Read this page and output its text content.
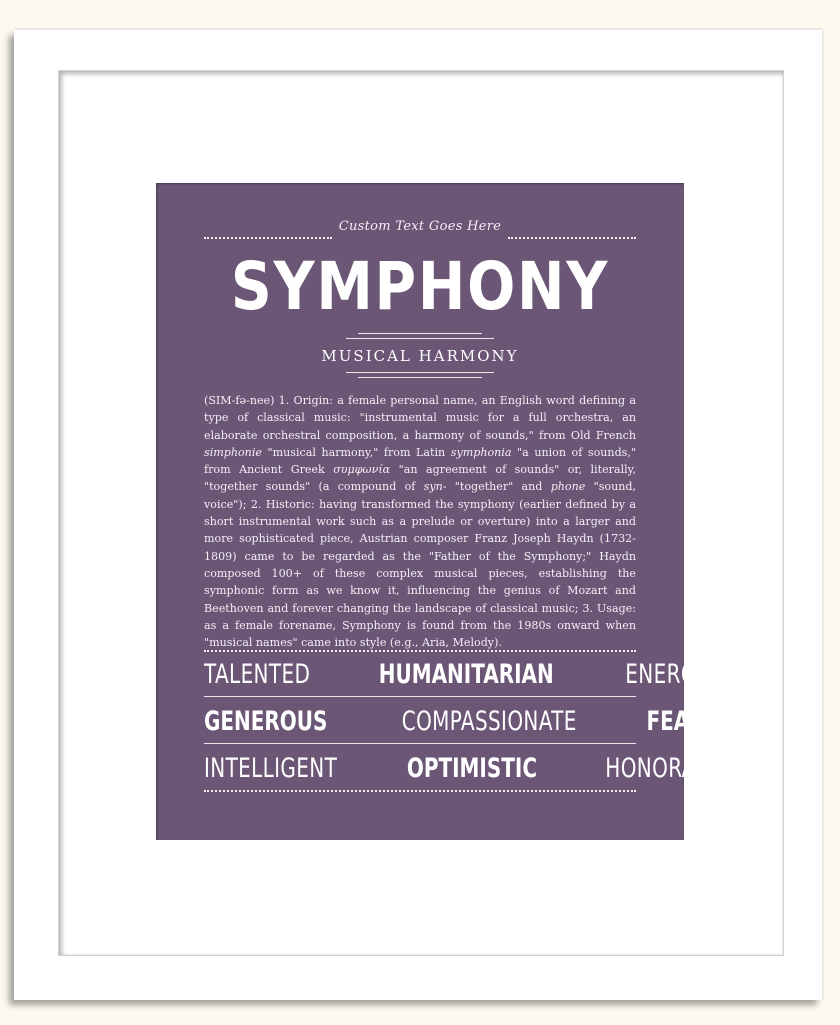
Custom Text Goes Here
SYMPHONY
MUSICAL HARMONY
(SIM-fə-nee) 1. Origin: a female personal name, an English word defining a type of classical music: "instrumental music for a full orchestra, an elaborate orchestral composition, a harmony of sounds," from Old French simphonie "musical harmony," from Latin symphonia "a union of sounds," from Ancient Greek συμφωνία "an agreement of sounds" or, literally, "together sounds" (a compound of syn- "together" and phone "sound, voice"); 2. Historic: having transformed the symphony (earlier defined by a short instrumental work such as a prelude or overture) into a larger and more sophisticated piece, Austrian composer Franz Joseph Haydn (1732-1809) came to be regarded as the "Father of the Symphony;" Haydn composed 100+ of these complex musical pieces, establishing the symphonic form as we know it, influencing the genius of Mozart and Beethoven and forever changing the landscape of classical music; 3. Usage: as a female forename, Symphony is found from the 1980s onward when "musical names" came into style (e.g., Aria, Melody).
TALENTED	HUMANITARIAN	ENERGETIC
GENEROUS	COMPASSIONATE	FEARLESS
INTELLIGENT	OPTIMISTIC	HONORABLE
